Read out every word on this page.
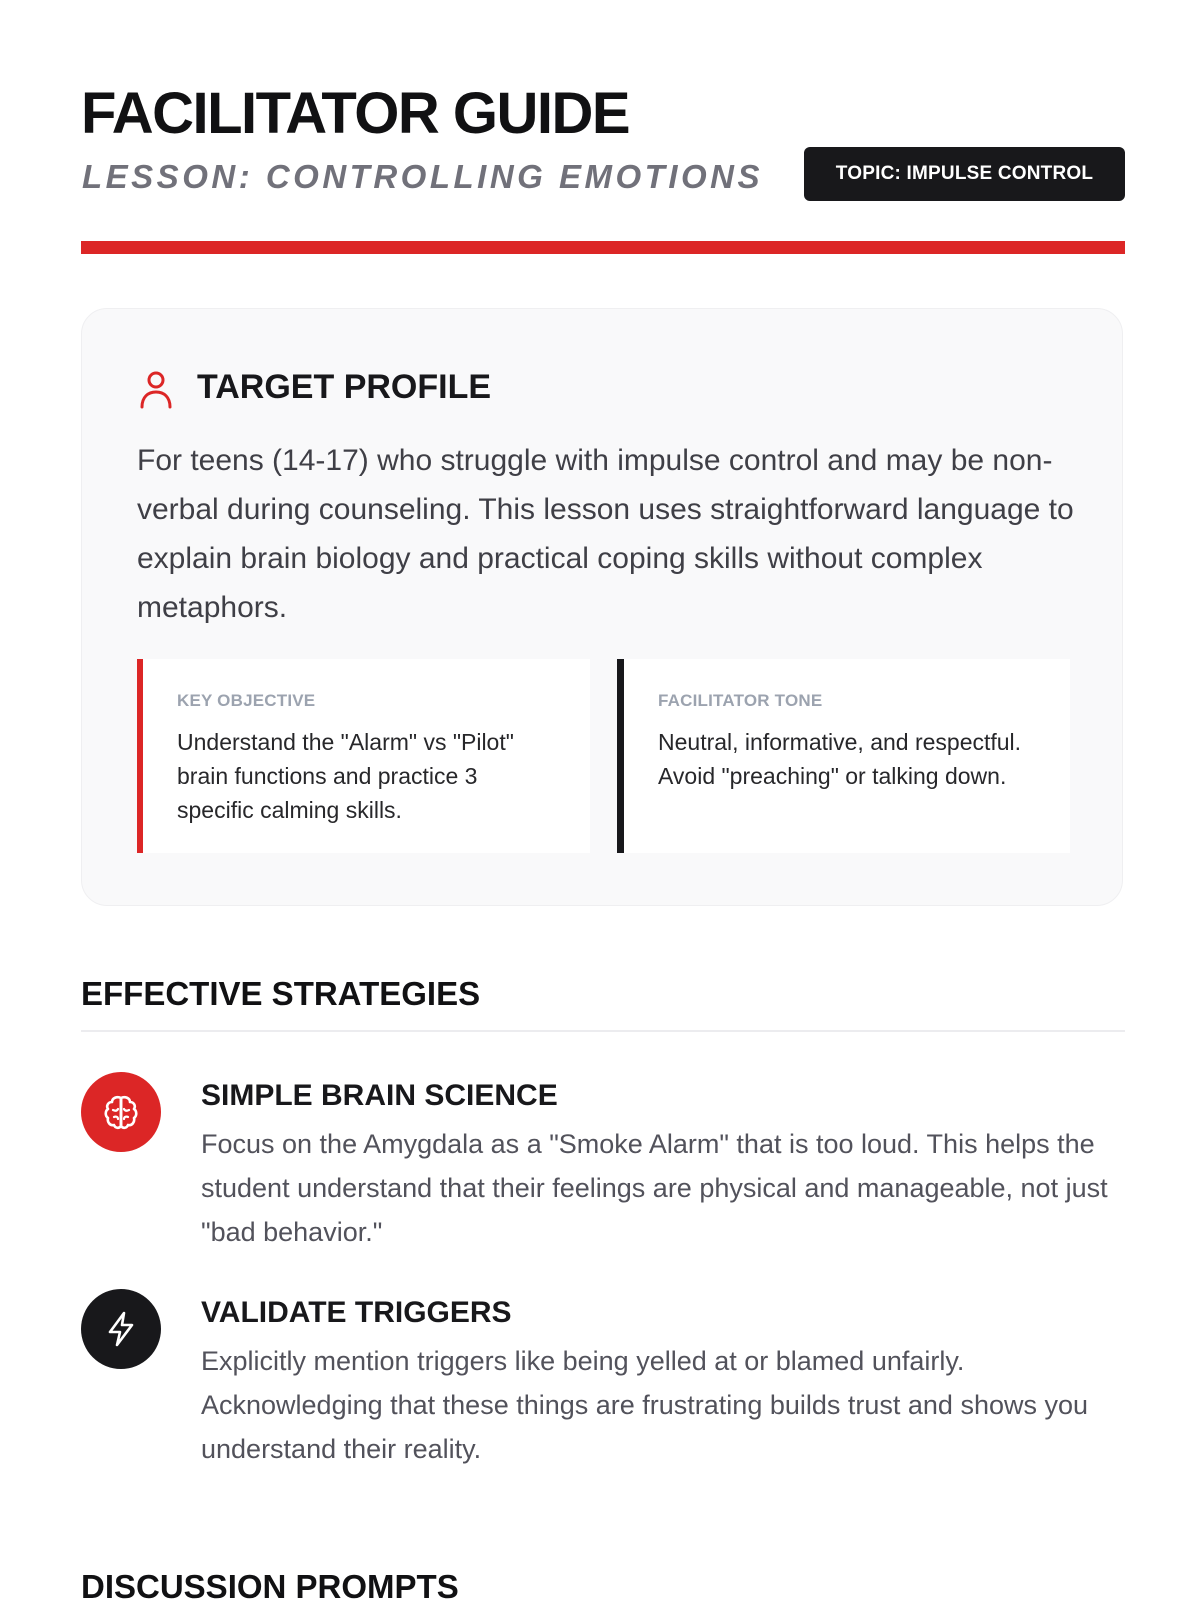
FACILITATOR GUIDE
LESSON: CONTROLLING EMOTIONS	TOPIC: IMPULSE CONTROL
TARGET PROFILE
For teens (14-17) who struggle with impulse control and may be non-verbal during counseling. This lesson uses straightforward language to explain brain biology and practical coping skills without complex metaphors.
KEY OBJECTIVE
Understand the "Alarm" vs "Pilot" brain functions and practice 3 specific calming skills.
FACILITATOR TONE
Neutral, informative, and respectful. Avoid "preaching" or talking down.
EFFECTIVE STRATEGIES
SIMPLE BRAIN SCIENCE
Focus on the Amygdala as a "Smoke Alarm" that is too loud. This helps the student understand that their feelings are physical and manageable, not just "bad behavior."
VALIDATE TRIGGERS
Explicitly mention triggers like being yelled at or blamed unfairly. Acknowledging that these things are frustrating builds trust and shows you understand their reality.
DISCUSSION PROMPTS
